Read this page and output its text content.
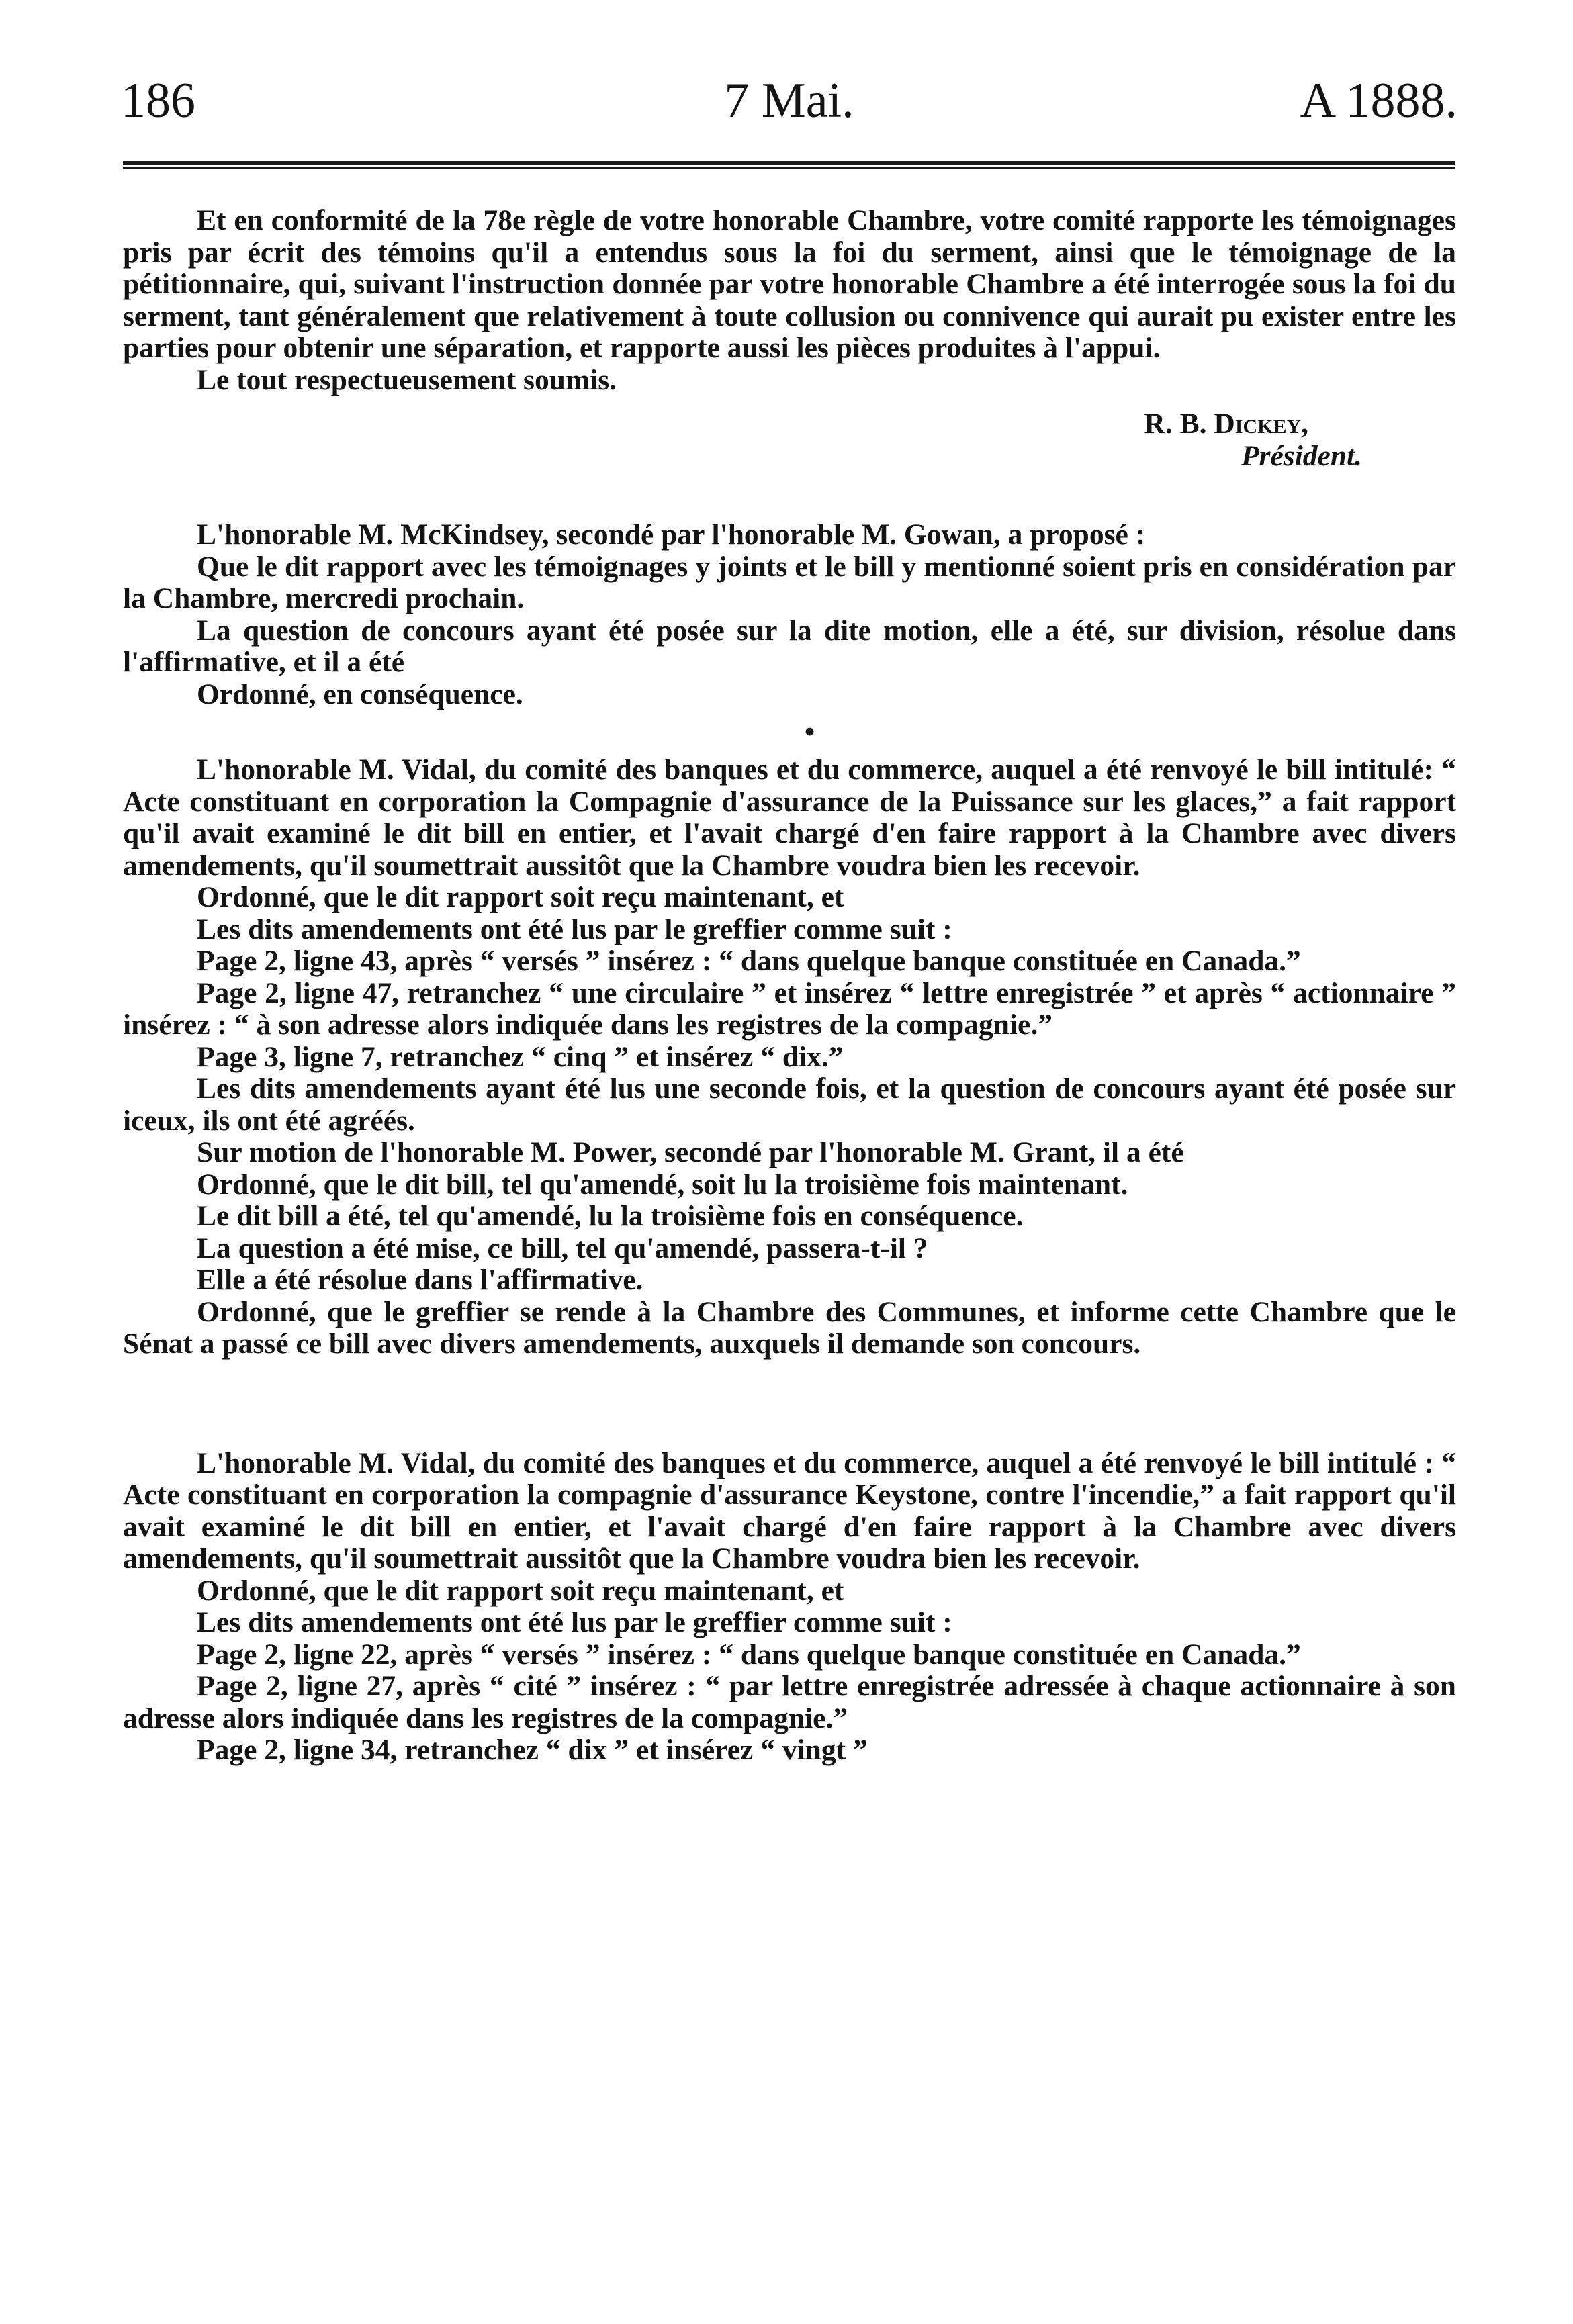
186	7 Mai.	A 1888.

Et en conformité de la 78e règle de votre honorable Chambre, votre comité rapporte les témoignages pris par écrit des témoins qu'il a entendus sous la foi du serment, ainsi que le témoignage de la pétitionnaire, qui, suivant l'instruction donnée par votre honorable Chambre a été interrogée sous la foi du serment, tant généralement que relativement à toute collusion ou connivence qui aurait pu exister entre les parties pour obtenir une séparation, et rapporte aussi les pièces produites à l'appui.

Le tout respectueusement soumis.

R. B. Dickey,
Président.

L'honorable M. McKindsey, secondé par l'honorable M. Gowan, a proposé :

Que le dit rapport avec les témoignages y joints et le bill y mentionné soient pris en considération par la Chambre, mercredi prochain.

La question de concours ayant été posée sur la dite motion, elle a été, sur division, résolue dans l'affirmative, et il a été

Ordonné, en conséquence.

•

L'honorable M. Vidal, du comité des banques et du commerce, auquel a été renvoyé le bill intitulé: “ Acte constituant en corporation la Compagnie d'assurance de la Puissance sur les glaces,” a fait rapport qu'il avait examiné le dit bill en entier, et l'avait chargé d'en faire rapport à la Chambre avec divers amendements, qu'il soumettrait aussitôt que la Chambre voudra bien les recevoir.

Ordonné, que le dit rapport soit reçu maintenant, et

Les dits amendements ont été lus par le greffier comme suit :

Page 2, ligne 43, après “ versés ” insérez : “ dans quelque banque constituée en Canada.”

Page 2, ligne 47, retranchez “ une circulaire ” et insérez “ lettre enregistrée ” et après “ actionnaire ” insérez : “ à son adresse alors indiquée dans les registres de la compagnie.”

Page 3, ligne 7, retranchez “ cinq ” et insérez “ dix.”

Les dits amendements ayant été lus une seconde fois, et la question de concours ayant été posée sur iceux, ils ont été agréés.

Sur motion de l'honorable M. Power, secondé par l'honorable M. Grant, il a été

Ordonné, que le dit bill, tel qu'amendé, soit lu la troisième fois maintenant.

Le dit bill a été, tel qu'amendé, lu la troisième fois en conséquence.

La question a été mise, ce bill, tel qu'amendé, passera-t-il ?

Elle a été résolue dans l'affirmative.

Ordonné, que le greffier se rende à la Chambre des Communes, et informe cette Chambre que le Sénat a passé ce bill avec divers amendements, auxquels il demande son concours.

L'honorable M. Vidal, du comité des banques et du commerce, auquel a été renvoyé le bill intitulé : “ Acte constituant en corporation la compagnie d'assurance Keystone, contre l'incendie,” a fait rapport qu'il avait examiné le dit bill en entier, et l'avait chargé d'en faire rapport à la Chambre avec divers amendements, qu'il soumettrait aussitôt que la Chambre voudra bien les recevoir.

Ordonné, que le dit rapport soit reçu maintenant, et

Les dits amendements ont été lus par le greffier comme suit :

Page 2, ligne 22, après “ versés ” insérez : “ dans quelque banque constituée en Canada.”

Page 2, ligne 27, après “ cité ” insérez : “ par lettre enregistrée adressée à chaque actionnaire à son adresse alors indiquée dans les registres de la compagnie.”

Page 2, ligne 34, retranchez “ dix ” et insérez “ vingt ”
